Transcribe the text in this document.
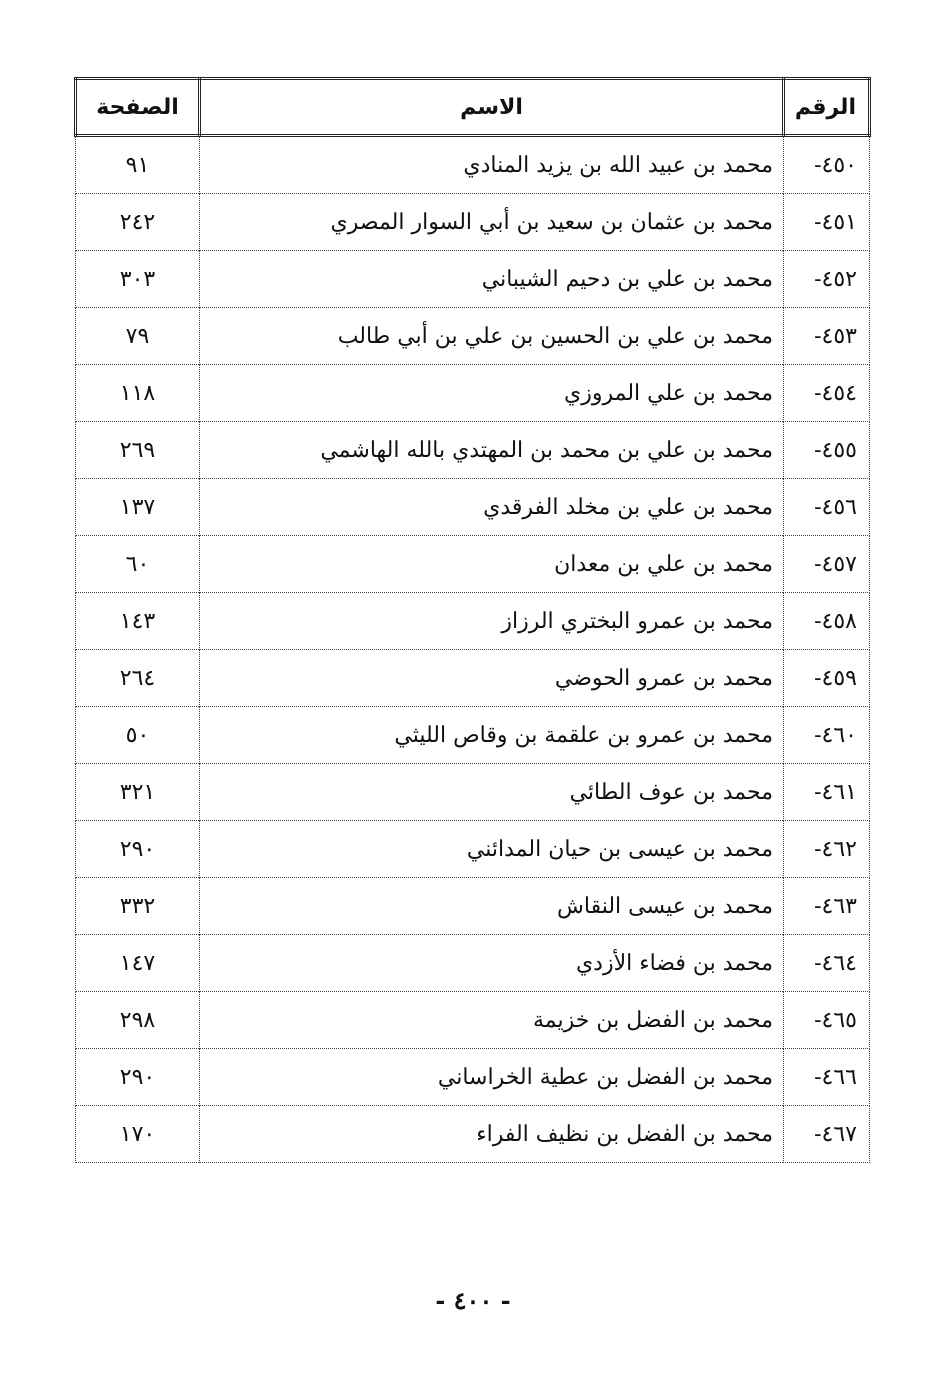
الرقم	الاسم	الصفحة
٤٥٠-	محمد بن عبيد الله بن يزيد المنادي	٩١
٤٥١-	محمد بن عثمان بن سعيد بن أبي السوار المصري	٢٤٢
٤٥٢-	محمد بن علي بن دحيم الشيباني	٣٠٣
٤٥٣-	محمد بن علي بن الحسين بن علي بن أبي طالب	٧٩
٤٥٤-	محمد بن علي المروزي	١١٨
٤٥٥-	محمد بن علي بن محمد بن المهتدي بالله الهاشمي	٢٦٩
٤٥٦-	محمد بن علي بن مخلد الفرقدي	١٣٧
٤٥٧-	محمد بن علي بن معدان	٦٠
٤٥٨-	محمد بن عمرو البختري الرزاز	١٤٣
٤٥٩-	محمد بن عمرو الحوضي	٢٦٤
٤٦٠-	محمد بن عمرو بن علقمة بن وقاص الليثي	٥٠
٤٦١-	محمد بن عوف الطائي	٣٢١
٤٦٢-	محمد بن عيسى بن حيان المدائني	٢٩٠
٤٦٣-	محمد بن عيسى النقاش	٣٣٢
٤٦٤-	محمد بن فضاء الأزدي	١٤٧
٤٦٥-	محمد بن الفضل بن خزيمة	٢٩٨
٤٦٦-	محمد بن الفضل بن عطية الخراساني	٢٩٠
٤٦٧-	محمد بن الفضل بن نظيف الفراء	١٧٠
- ٤٠٠ -
